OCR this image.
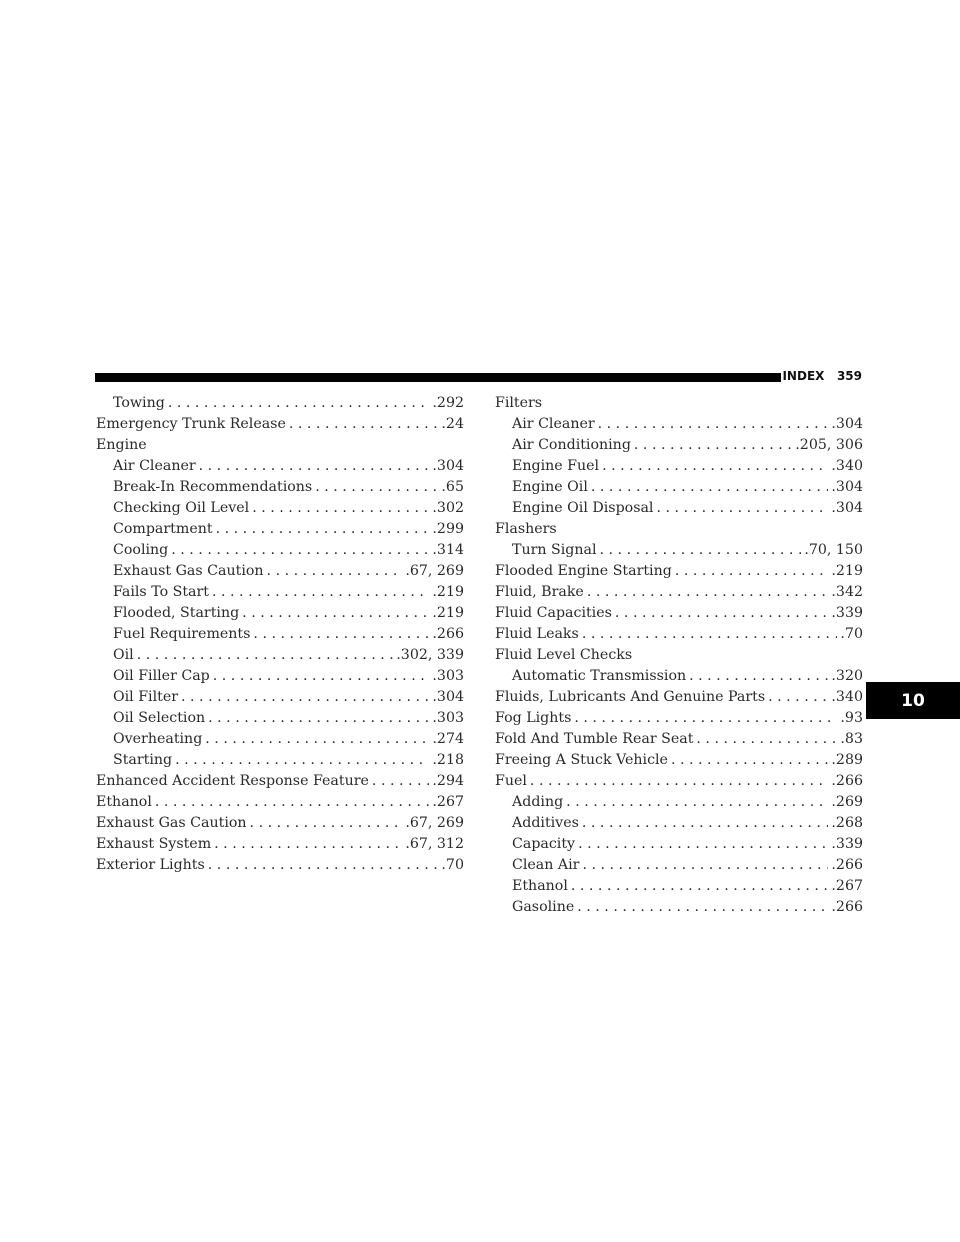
INDEX 359
Towing . . .	.292
Emergency Trunk Release . . .	.24
Engine
Air Cleaner . . .	.304
Break-In Recommendations . . .	.65
Checking Oil Level . . .	.302
Compartment . . .	.299
Cooling . . .	.314
Exhaust Gas Caution . . .	.67, 269
Fails To Start . . .	.219
Flooded, Starting . . .	.219
Fuel Requirements . . .	.266
Oil . . .	.302, 339
Oil Filler Cap . . .	.303
Oil Filter . . .	.304
Oil Selection . . .	.303
Overheating . . .	.274
Starting . . .	.218
Enhanced Accident Response Feature . . .	.294
Ethanol . . .	.267
Exhaust Gas Caution . . .	.67, 269
Exhaust System . . .	.67, 312
Exterior Lights . . .	.70
Filters
Air Cleaner . . .	.304
Air Conditioning . . .	.205, 306
Engine Fuel . . .	.340
Engine Oil . . .	.304
Engine Oil Disposal . . .	.304
Flashers
Turn Signal . . .	.70, 150
Flooded Engine Starting . . .	.219
Fluid, Brake . . .	.342
Fluid Capacities . . .	.339
Fluid Leaks . . .	.70
Fluid Level Checks
Automatic Transmission . . .	.320
Fluids, Lubricants And Genuine Parts . . .	.340
Fog Lights . . .	.93
Fold And Tumble Rear Seat . . .	.83
Freeing A Stuck Vehicle . . .	.289
Fuel . . .	.266
Adding . . .	.269
Additives . . .	.268
Capacity . . .	.339
Clean Air . . .	.266
Ethanol . . .	.267
Gasoline . . .	.266
10
